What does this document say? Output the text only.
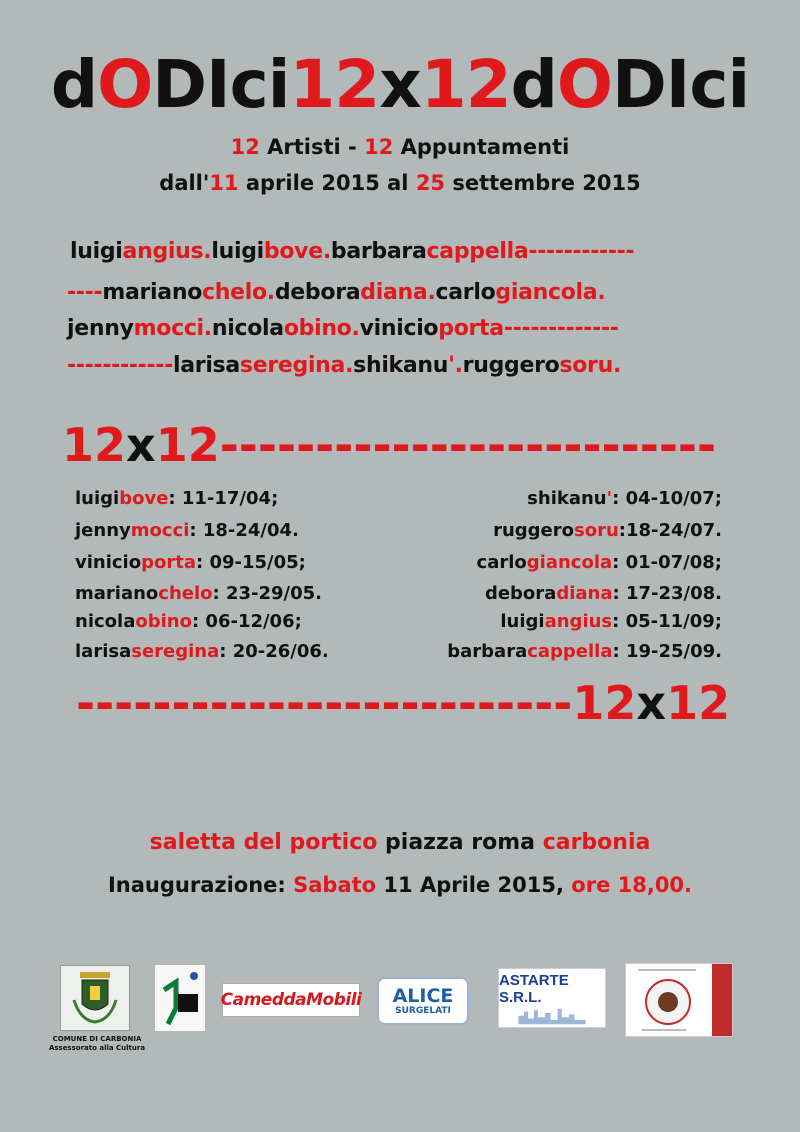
dODIci12x12dODIci
12 Artisti - 12 Appuntamenti
dall'11 aprile 2015 al 25 settembre 2015
luigiangius.luigibove.barbaracappella------------
----marianochelo.deboradiana.carlogiancola.
jennymocci.nicolaobino.vinicioporta-------------
------------larisaseregina.shikanu'.ruggerosoru.
12x12--------------------------
luigibove: 11-17/04;
jennymocci: 18-24/04.
vinicioporta: 09-15/05;
marianochelo: 23-29/05.
nicolaobino: 06-12/06;
larisaseregina: 20-26/06.
shikanu': 04-10/07;
ruggerosoru:18-24/07.
carlogiancola: 01-07/08;
deboradiana: 17-23/08.
luigiangius: 05-11/09;
barbaracappella: 19-25/09.
--------------------------12x12
saletta del portico piazza roma carbonia
Inaugurazione: Sabato 11 Aprile 2015, ore 18,00.
COMUNE DI CARBONIA
Assessorato alla Cultura
CameddaMobili ALICE
SURGELATI
ASTARTE S.R.L.
